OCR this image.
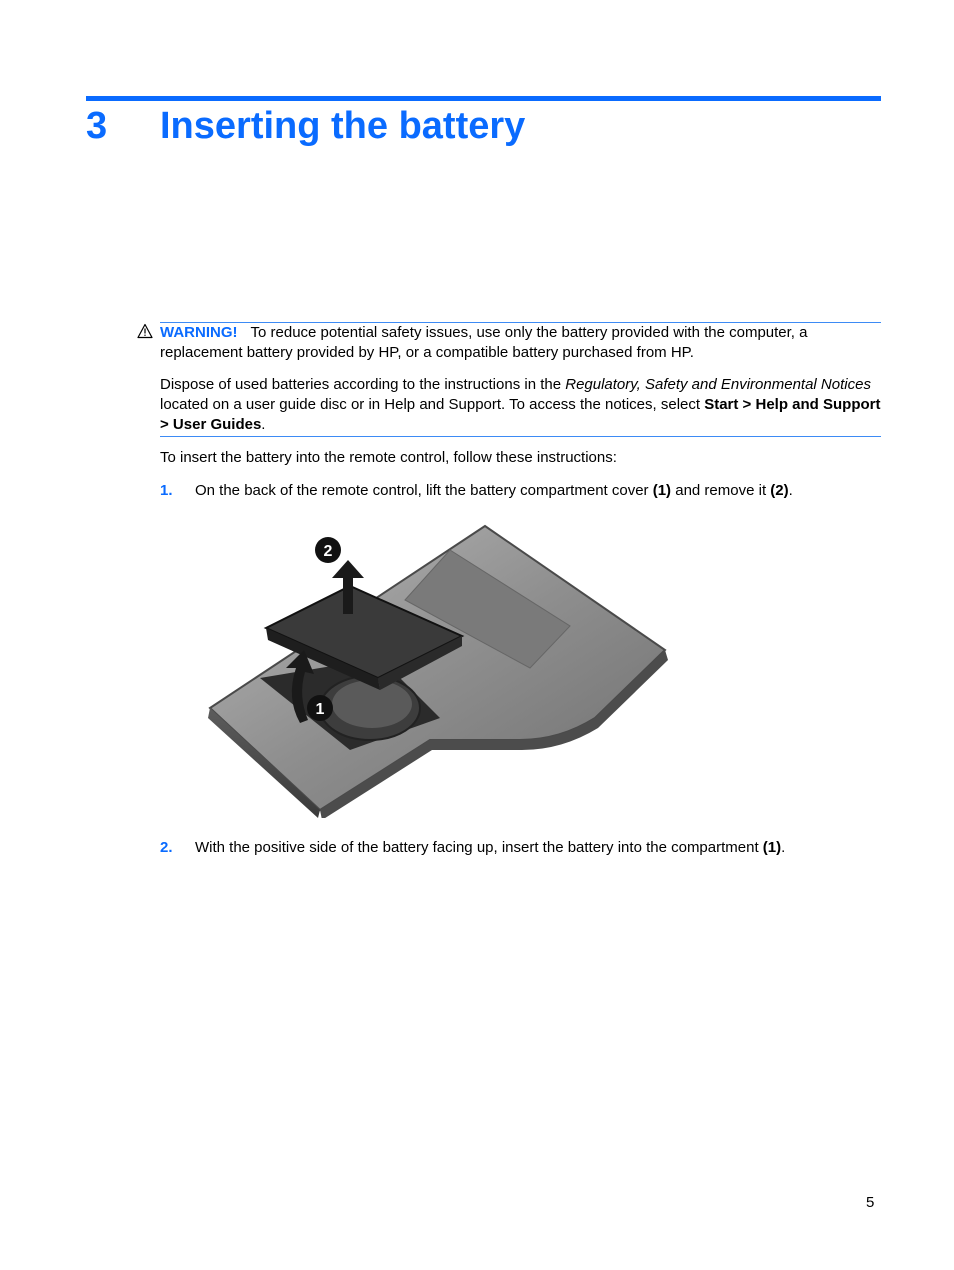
3 Inserting the battery

WARNING! To reduce potential safety issues, use only the battery provided with the computer, a replacement battery provided by HP, or a compatible battery purchased from HP.

Dispose of used batteries according to the instructions in the Regulatory, Safety and Environmental Notices located on a user guide disc or in Help and Support. To access the notices, select Start > Help and Support > User Guides.

To insert the battery into the remote control, follow these instructions:

1. On the back of the remote control, lift the battery compartment cover (1) and remove it (2).
2
1
2. With the positive side of the battery facing up, insert the battery into the compartment (1).
5
